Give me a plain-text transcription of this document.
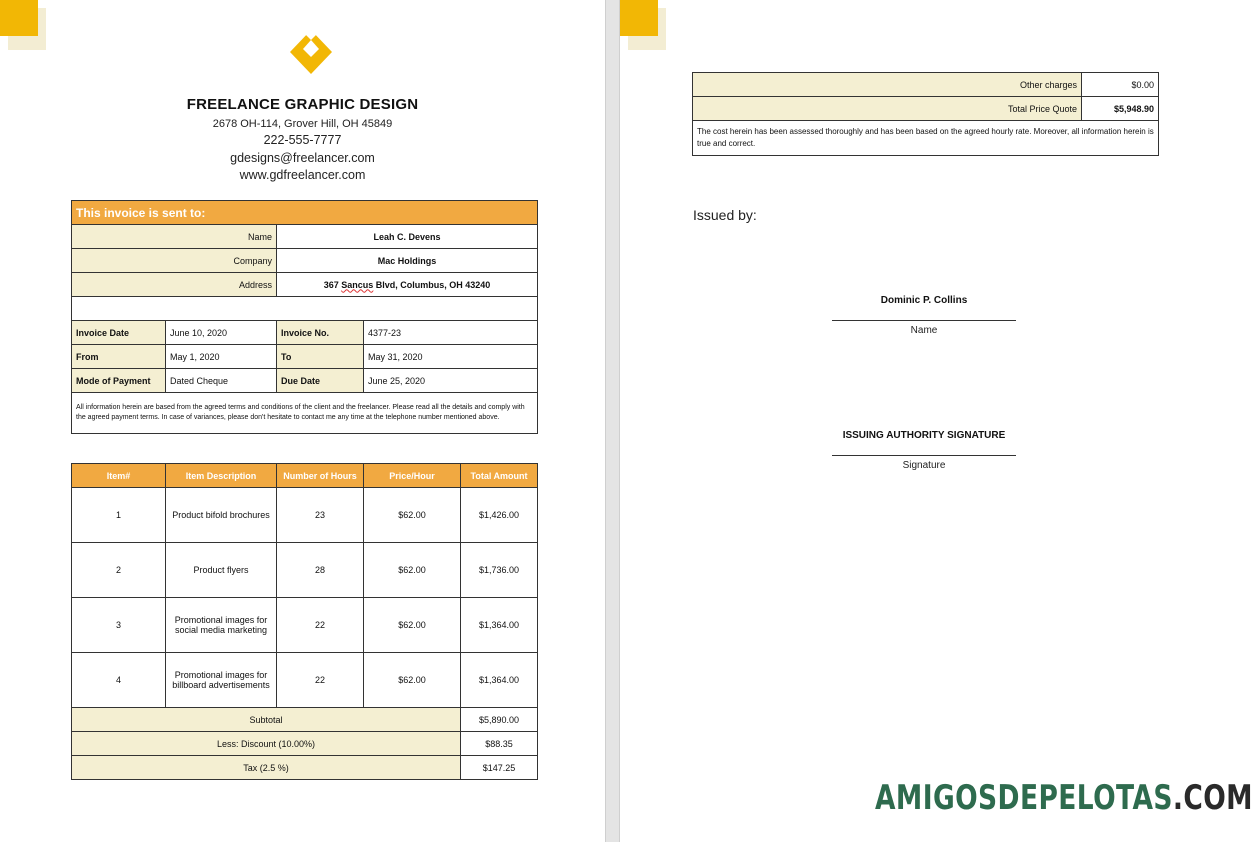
FREELANCE GRAPHIC DESIGN
2678 OH-114, Grover Hill, OH 45849
222-555-7777
gdesigns@freelancer.com
www.gdfreelancer.com
This invoice is sent to:			
Name		Leah C. Devens	
Company		Mac Holdings	
Address		367 Sancus Blvd, Columbus, OH 43240	

Invoice Date	June 10, 2020	Invoice No.	4377-23
From	May 1, 2020	To	May 31, 2020
Mode of Payment	Dated Cheque	Due Date	June 25, 2020
All information herein are based from the agreed terms and conditions of the client and the freelancer. Please read all the details and comply with the agreed payment terms. In case of variances, please don't hesitate to contact me any time at the telephone number mentioned above.			
Item#	Item Description	Number of Hours	Price/Hour	Total Amount
1	Product bifold brochures	23	$62.00	$1,426.00
2	Product flyers	28	$62.00	$1,736.00
3	Promotional images for social media marketing	22	$62.00	$1,364.00
4	Promotional images for billboard advertisements	22	$62.00	$1,364.00
Subtotal				$5,890.00
Less: Discount (10.00%)				$88.35
Tax (2.5 %)				$147.25
Other charges	$0.00
Total Price Quote	$5,948.90
The cost herein has been assessed thoroughly and has been based on the agreed hourly rate. Moreover, all information herein is true and correct.	
Issued by:
Dominic P. Collins
Name
ISSUING AUTHORITY SIGNATURE
Signature
AMIGOSDEPELOTAS.COM
